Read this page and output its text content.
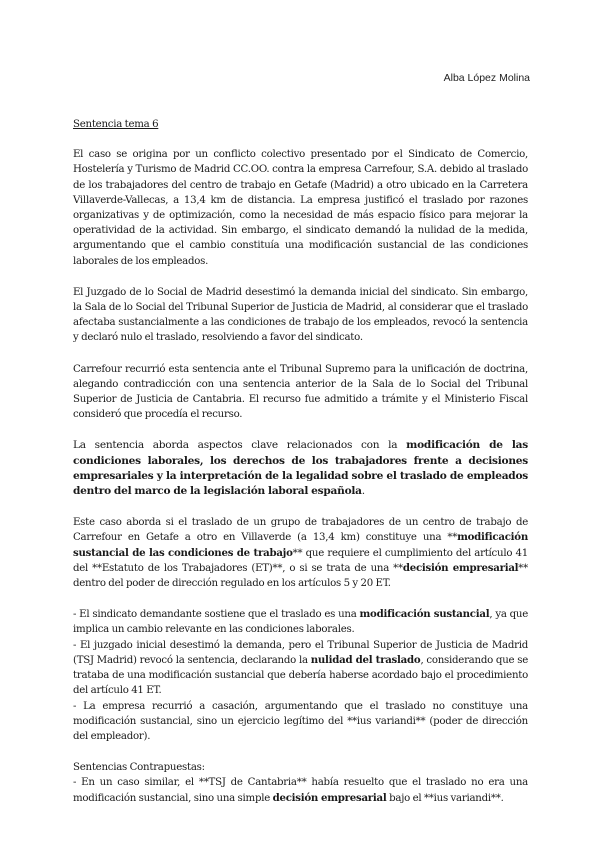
Alba López Molina

Sentencia tema 6

El caso se origina por un conflicto colectivo presentado por el Sindicato de Comercio, Hostelería y Turismo de Madrid CC.OO. contra la empresa Carrefour, S.A. debido al traslado de los trabajadores del centro de trabajo en Getafe (Madrid) a otro ubicado en la Carretera Villaverde-Vallecas, a 13,4 km de distancia. La empresa justificó el traslado por razones organizativas y de optimización, como la necesidad de más espacio físico para mejorar la operatividad de la actividad. Sin embargo, el sindicato demandó la nulidad de la medida, argumentando que el cambio constituía una modificación sustancial de las condiciones laborales de los empleados.

El Juzgado de lo Social de Madrid desestimó la demanda inicial del sindicato. Sin embargo, la Sala de lo Social del Tribunal Superior de Justicia de Madrid, al considerar que el traslado afectaba sustancialmente a las condiciones de trabajo de los empleados, revocó la sentencia y declaró nulo el traslado, resolviendo a favor del sindicato.

Carrefour recurrió esta sentencia ante el Tribunal Supremo para la unificación de doctrina, alegando contradicción con una sentencia anterior de la Sala de lo Social del Tribunal Superior de Justicia de Cantabria. El recurso fue admitido a trámite y el Ministerio Fiscal consideró que procedía el recurso.

La sentencia aborda aspectos clave relacionados con la modificación de las condiciones laborales, los derechos de los trabajadores frente a decisiones empresariales y la interpretación de la legalidad sobre el traslado de empleados dentro del marco de la legislación laboral española.

Este caso aborda si el traslado de un grupo de trabajadores de un centro de trabajo de Carrefour en Getafe a otro en Villaverde (a 13,4 km) constituye una **modificación sustancial de las condiciones de trabajo** que requiere el cumplimiento del artículo 41 del **Estatuto de los Trabajadores (ET)**, o si se trata de una **decisión empresarial** dentro del poder de dirección regulado en los artículos 5 y 20 ET.

- El sindicato demandante sostiene que el traslado es una modificación sustancial, ya que implica un cambio relevante en las condiciones laborales.

- El juzgado inicial desestimó la demanda, pero el Tribunal Superior de Justicia de Madrid (TSJ Madrid) revocó la sentencia, declarando la nulidad del traslado, considerando que se trataba de una modificación sustancial que debería haberse acordado bajo el procedimiento del artículo 41 ET.

- La empresa recurrió a casación, argumentando que el traslado no constituye una modificación sustancial, sino un ejercicio legítimo del **ius variandi** (poder de dirección del empleador).

Sentencias Contrapuestas:

- En un caso similar, el **TSJ de Cantabria** había resuelto que el traslado no era una modificación sustancial, sino una simple decisión empresarial bajo el **ius variandi**.
